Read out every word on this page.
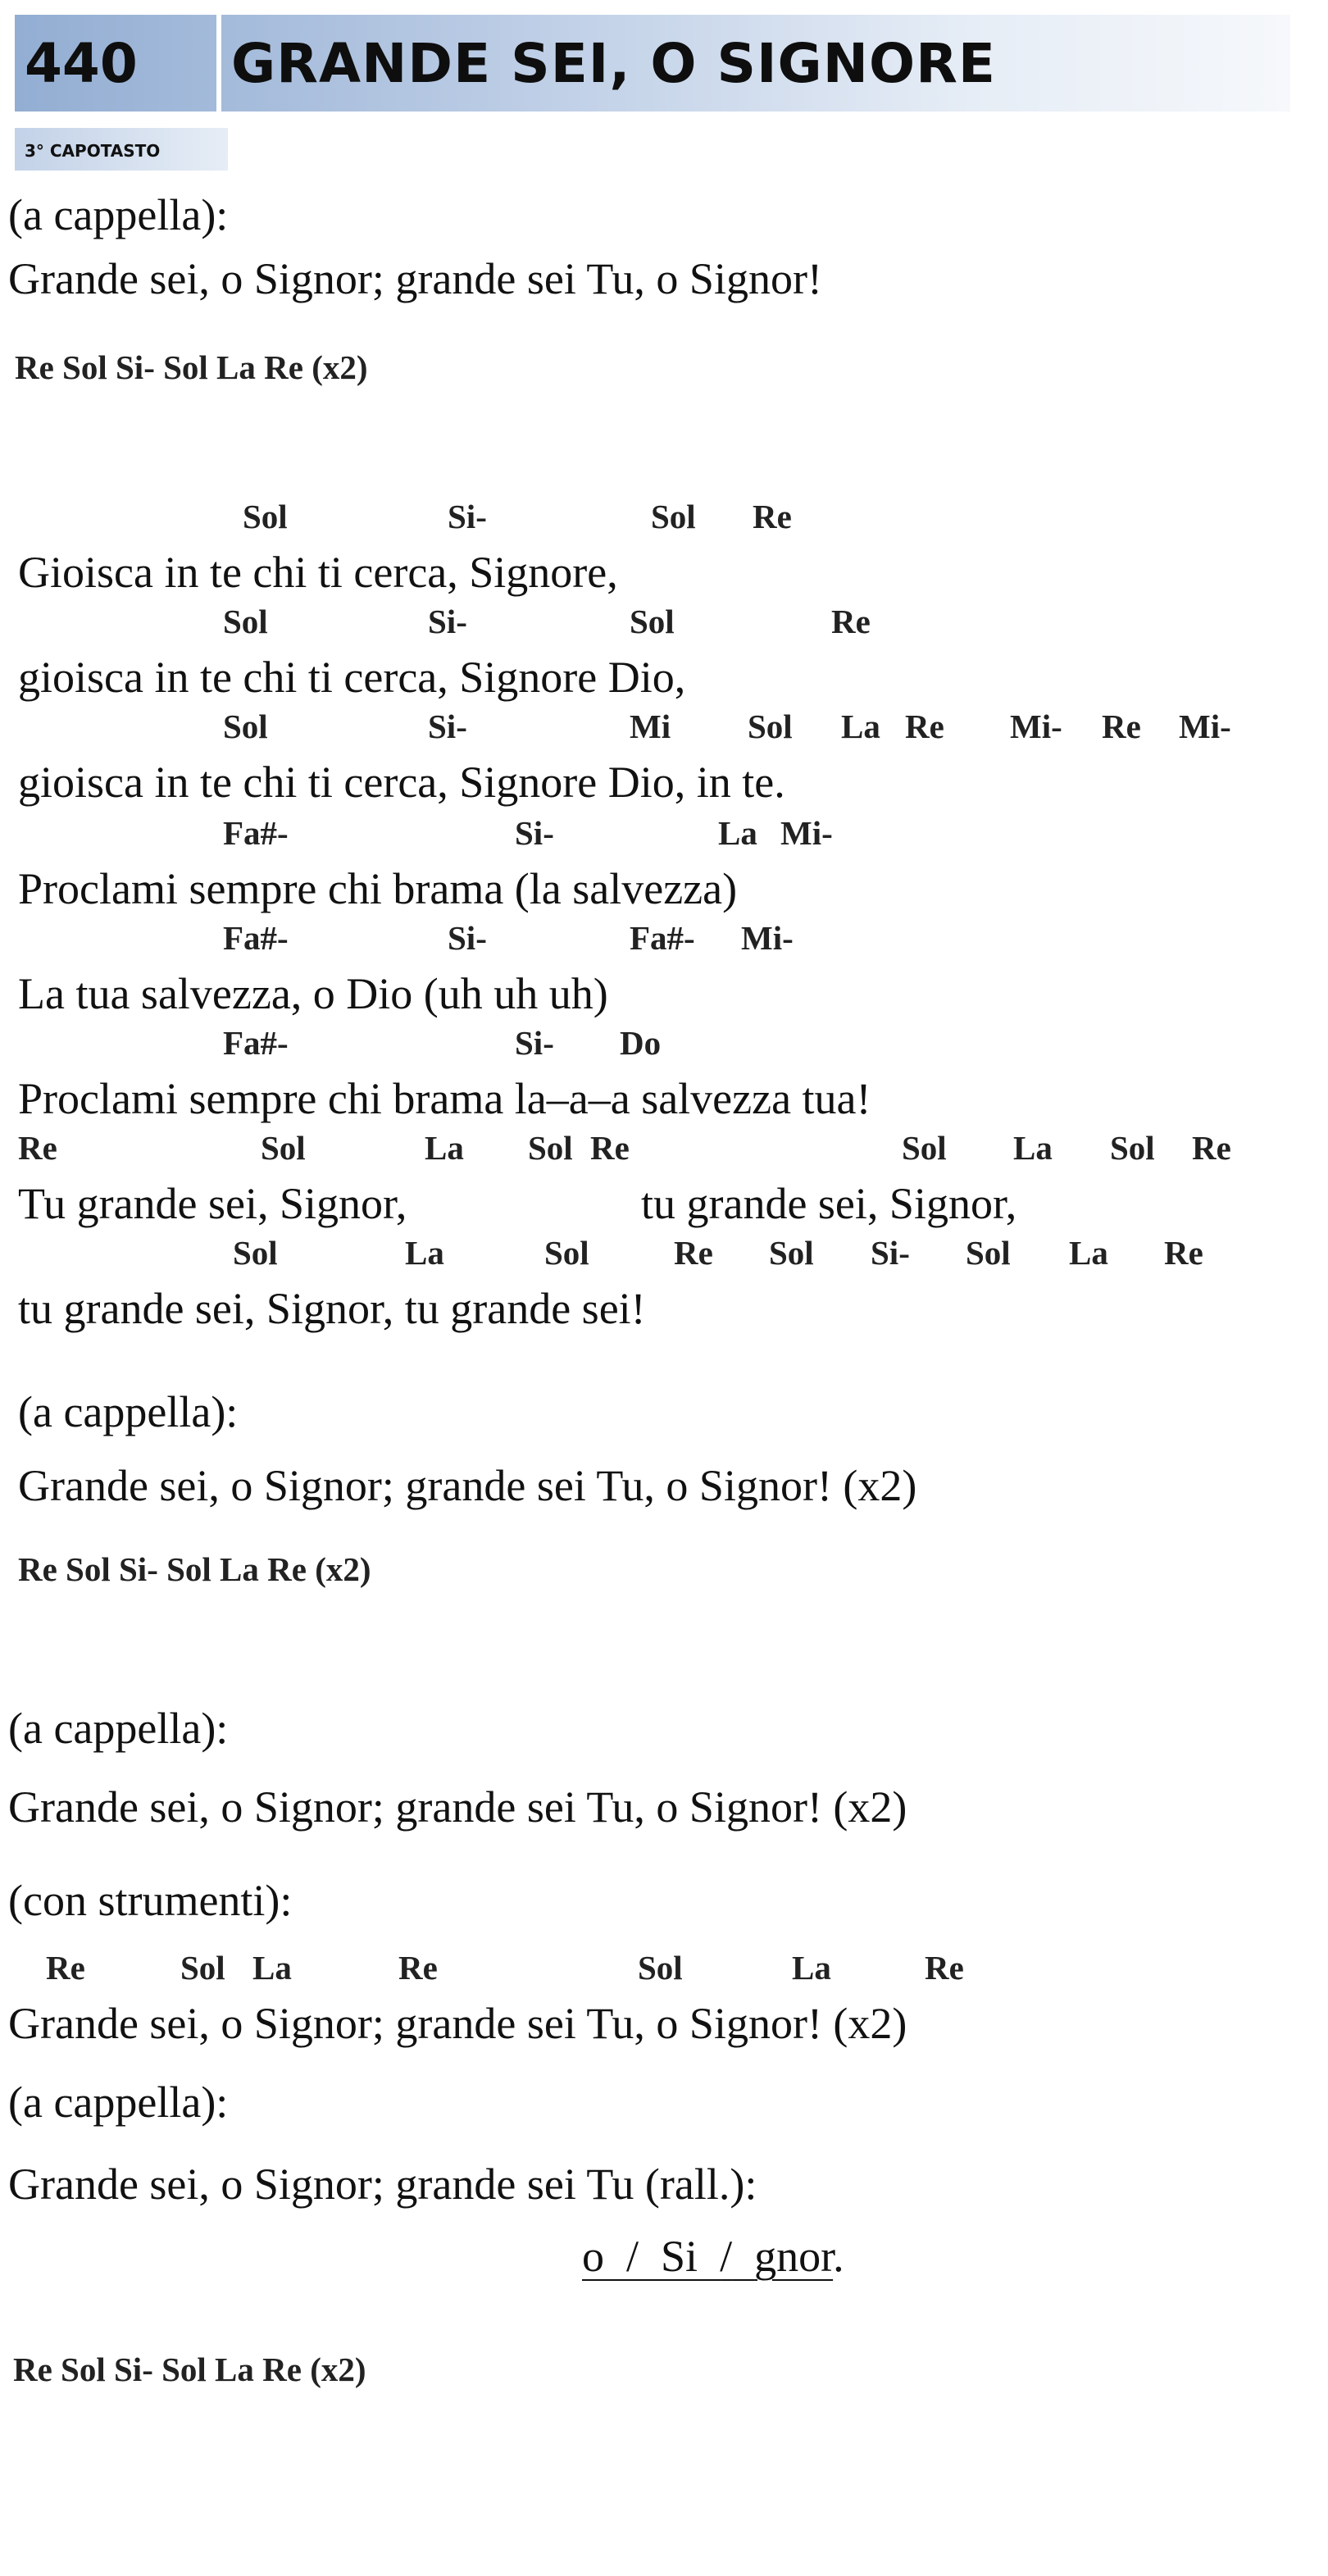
440 GRANDE SEI, O SIGNORE
3° CAPOTASTO
(a cappella):
Grande sei, o Signor; grande sei Tu, o Signor!
Re Sol Si- Sol La Re (x2)
Sol	Si-	Sol Re
Gioisca in te chi ti cerca, Signore,
Sol	Si-	Sol	Re
gioisca in te chi ti cerca, Signore Dio,
Sol	Si-	Mi Sol La Re Mi- Re Mi-
gioisca in te chi ti cerca, Signore Dio, in te.
Fa#-	Si-	La Mi-
Proclami sempre chi brama (la salvezza)
Fa#-	Si-	Fa#- Mi-
La tua salvezza, o Dio (uh uh uh)
Fa#-	Si- Do
Proclami sempre chi brama la–a–a salvezza tua!
Re	Sol	La Sol Re	Sol La Sol Re
Tu grande sei, Signor,	tu grande sei, Signor,
Sol	La	Sol	Re Sol Si- Sol La Re
tu grande sei, Signor, tu grande sei!
(a cappella):
Grande sei, o Signor; grande sei Tu, o Signor! (x2)
Re Sol Si- Sol La Re (x2)
(a cappella):
Grande sei, o Signor; grande sei Tu, o Signor! (x2)
(con strumenti):
Re	Sol La	Re	Sol	La	Re
Grande sei, o Signor; grande sei Tu, o Signor! (x2)
(a cappella):
Grande sei, o Signor; grande sei Tu (rall.):
o / Si / gnor.
Re Sol Si- Sol La Re (x2)
